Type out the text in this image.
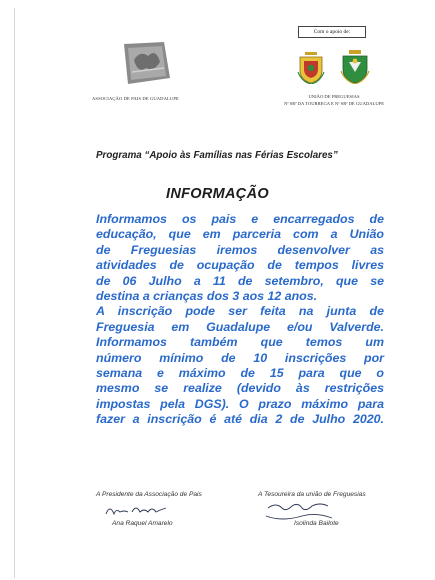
ASSOCIAÇÃO DE PAIS DE GUADALUPE
Com o apoio de:
UNIÃO DE FREGUESIAS
Nª SRª DA TOURREGA E Nª SRª DE GUADALUPE
Programa “Apoio às Famílias nas Férias Escolares”
INFORMAÇÃO
Informamos os pais e encarregados de
educação, que em parceria com a União
de Freguesias iremos desenvolver as
atividades de ocupação de tempos livres
de 06 Julho a 11 de setembro, que se
destina a crianças dos 3 aos 12 anos.
A inscrição pode ser feita na junta de
Freguesia em Guadalupe e/ou Valverde.
Informamos também que temos um
número mínimo de 10 inscrições por
semana e máximo de 15 para que o
mesmo se realize (devido às restrições
impostas pela DGS). O prazo máximo para
fazer a inscrição é até dia 2 de Julho 2020.
A Presidente da Associação de Pais
Ana Raquel Amarelo
A Tesoureira da união de Freguesias
Isolinda Bailote
